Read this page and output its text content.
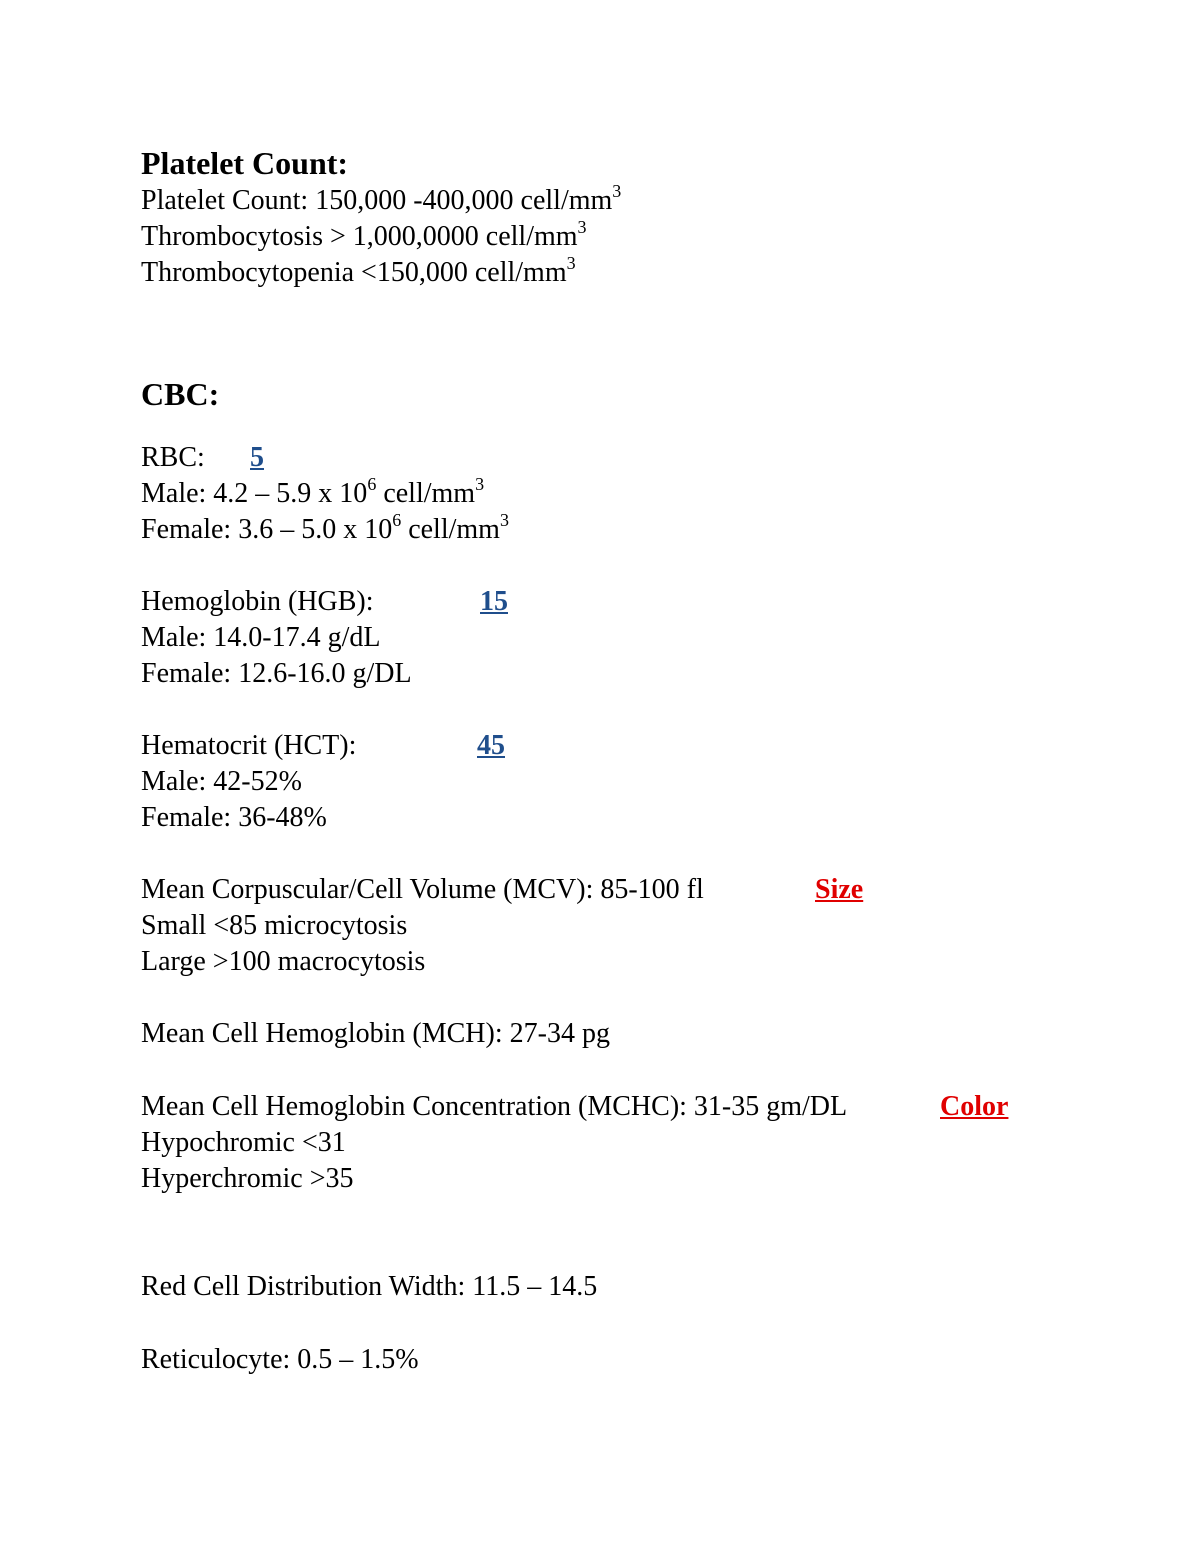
Platelet Count:
Platelet Count: 150,000 -400,000 cell/$mm^3$
Thrombocytosis > 1,000,0000 cell/$mm^3$
Thrombocytopenia <150,000 cell/$mm^3$
CBC:
RBC: 5
Male: 4.2 – 5.9 x $10^6$ cell/$mm^3$
Female: 3.6 – 5.0 x $10^6$ cell/$mm^3$
Hemoglobin (HGB):	15
Male: 14.0-17.4 g/dL
Female: 12.6-16.0 g/DL
Hematocrit (HCT):	45
Male: 42-52%
Female: 36-48%
Mean Corpuscular/Cell Volume (MCV): 85-100 fl	Size
Small <85 microcytosis
Large >100 macrocytosis
Mean Cell Hemoglobin (MCH): 27-34 pg
Mean Cell Hemoglobin Concentration (MCHC): 31-35 gm/DL	Color
Hypochromic <31
Hyperchromic >35
Red Cell Distribution Width: 11.5 – 14.5
Reticulocyte: 0.5 – 1.5%
